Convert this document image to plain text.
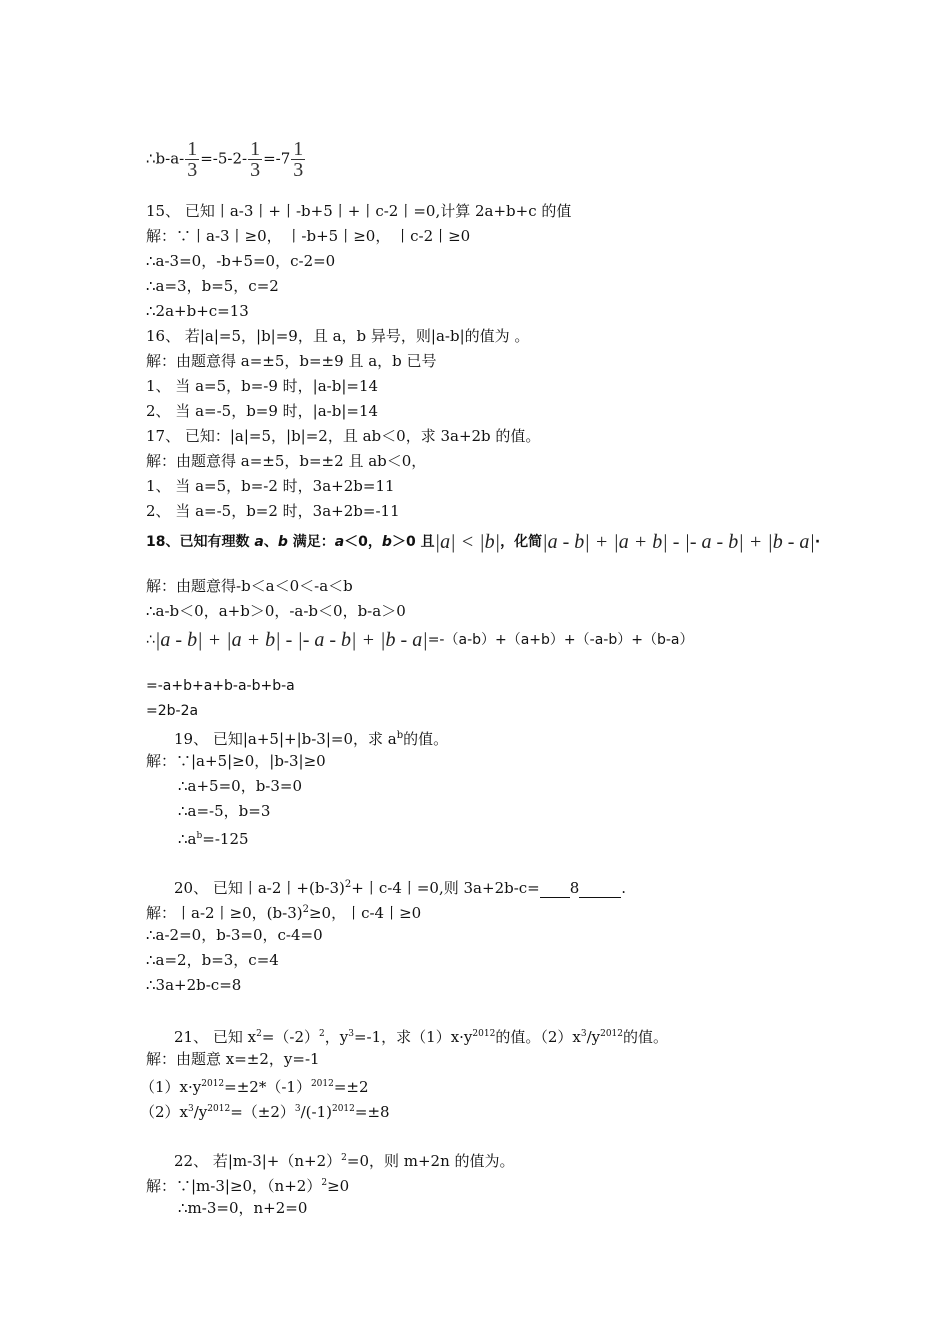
∴b-a- $\frac{1}{3} =-5-2- \frac{1}{3} =-7 \frac{1}{3}$
15、 已知丨a-3丨+丨-b+5丨+丨c-2丨=0,计算 2a+b+c 的值
解：∵丨a-3丨≥0， 丨-b+5丨≥0， 丨c-2丨≥0
∴a-3=0，-b+5=0，c-2=0
∴a=3，b=5，c=2
∴2a+b+c=13
16、 若|a|=5，|b|=9，且 a，b 异号，则|a-b|的值为 。
解：由题意得 a=±5，b=±9 且 a，b 已号
1、 当 a=5，b=-9 时，|a-b|=14
2、 当 a=-5，b=9 时，|a-b|=14
17、 已知：|a|=5，|b|=2，且 ab＜0，求 3a+2b 的值。
解：由题意得 a=±5，b=±2 且 ab＜0，
1、 当 a=5，b=-2 时，3a+2b=11
2、 当 a=-5，b=2 时，3a+2b=-11
18、已知有理数 a、b 满足：a＜0，b＞0 且|a| < |b|，化简|a - b| + |a + b| - |- a - b| + |b - a|·
解：由题意得-b＜a＜0＜-a＜b
∴a-b＜0，a+b＞0，-a-b＜0，b-a＞0
∴|a - b| + |a + b| - |- a - b| + |b - a|=-（a-b）+（a+b）+（-a-b）+（b-a）
=-a+b+a+b-a-b+b-a
=2b-2a
19、 已知|a+5|+|b-3|=0，求 $a^b$的值。
解：∵|a+5|≥0，|b-3|≥0
∴a+5=0，b-3=0
∴a=-5，b=3
$\therefore a^b=-125$
20、 已知丨a-2丨$+(b-3)^2+$丨c-4丨=0,则 3a+2b-c= 8	.
解：丨a-2丨≥0，$(b-3)^2\ge 0$，丨c-4丨≥0
∴a-2=0，b-3=0，c-4=0
∴a=2，b=3，c=4
∴3a+2b-c=8
21、 已知 $x^2=(-2)^2$，$y^3=-1$，求$(1)x\cdot y^{2012}$的值。$(2)x^3/y^{2012}$的值。
解：由题意 x=±2，y=-1
$(1)x\cdot y^{2012}=\pm 2*(-1)^{2012}=\pm 2$
$(2)x^3/y^{2012}=(\pm 2)^3/(-1)^{2012}=\pm 8$
22、 若$|m-3|+(n+2)^2=0$，则 m+2n 的值为。
解：∵|m-3|≥0，$(n+2)^2\ge 0$
∴m-3=0，n+2=0
